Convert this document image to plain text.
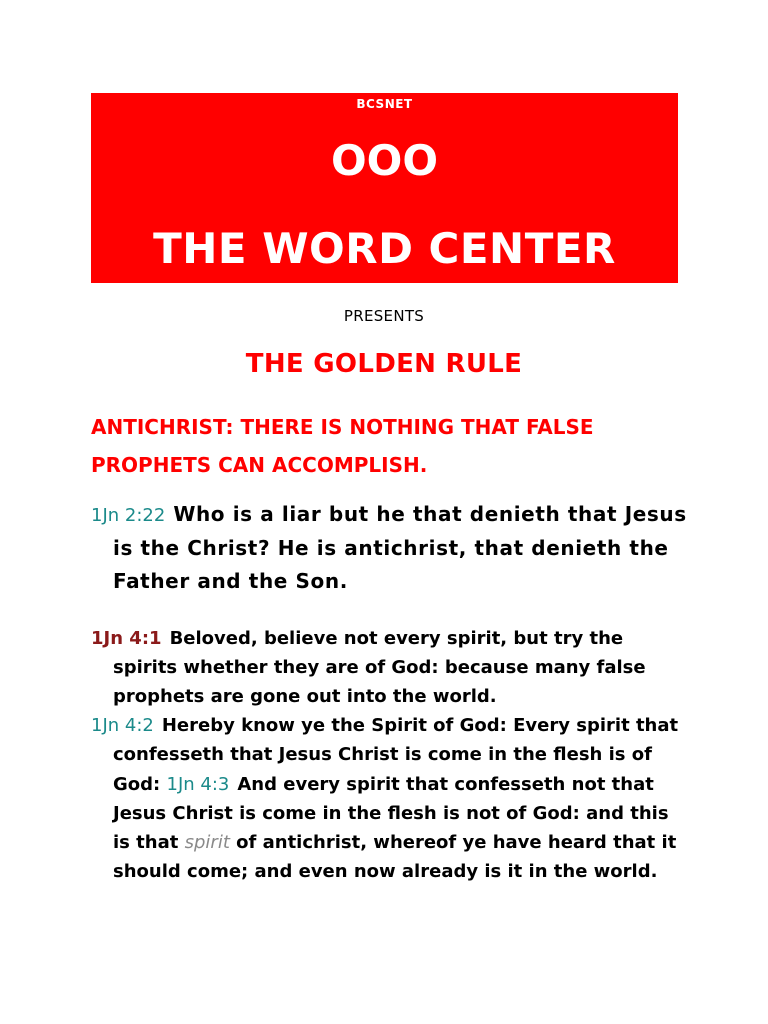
BCSNET
OOO
THE WORD CENTER
PRESENTS
THE GOLDEN RULE
ANTICHRIST: THERE IS NOTHING THAT FALSE
PROPHETS CAN ACCOMPLISH.

1Jn 2:22 Who is a liar but he that denieth that Jesus is the Christ? He is antichrist, that denieth the Father and the Son.

1Jn 4:1 Beloved, believe not every spirit, but try the spirits whether they are of God: because many false prophets are gone out into the world.

1Jn 4:2 Hereby know ye the Spirit of God: Every spirit that confesseth that Jesus Christ is come in the flesh is of God: 1Jn 4:3 And every spirit that confesseth not that Jesus Christ is come in the flesh is not of God: and this is that spirit of antichrist, whereof ye have heard that it should come; and even now already is it in the world.
